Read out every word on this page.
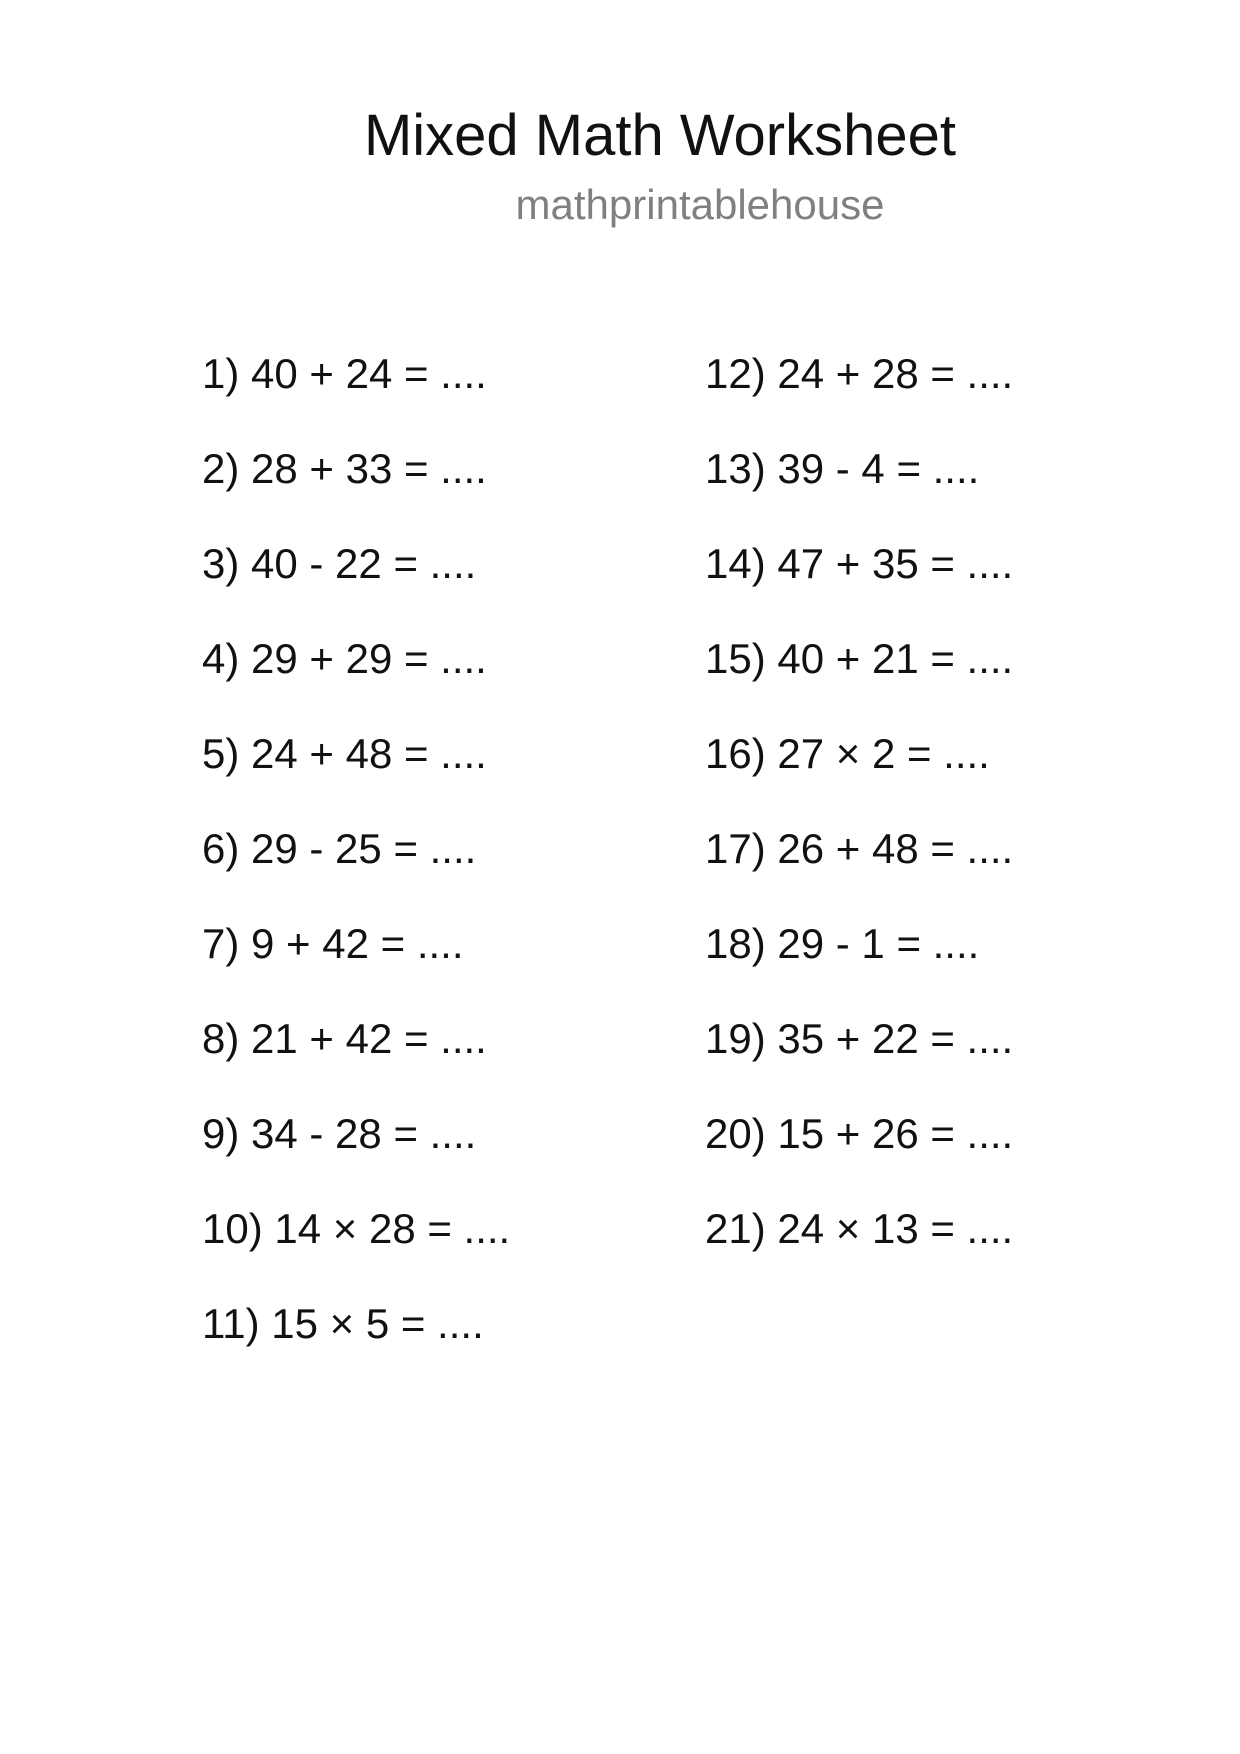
Mixed Math Worksheet
mathprintablehouse
1) 40 + 24 = ....
2) 28 + 33 = ....
3) 40 - 22 = ....
4) 29 + 29 = ....
5) 24 + 48 = ....
6) 29 - 25 = ....
7) 9 + 42 = ....
8) 21 + 42 = ....
9) 34 - 28 = ....
10) 14 × 28 = ....
11) 15 × 5 = ....
12) 24 + 28 = ....
13) 39 - 4 = ....
14) 47 + 35 = ....
15) 40 + 21 = ....
16) 27 × 2 = ....
17) 26 + 48 = ....
18) 29 - 1 = ....
19) 35 + 22 = ....
20) 15 + 26 = ....
21) 24 × 13 = ....
